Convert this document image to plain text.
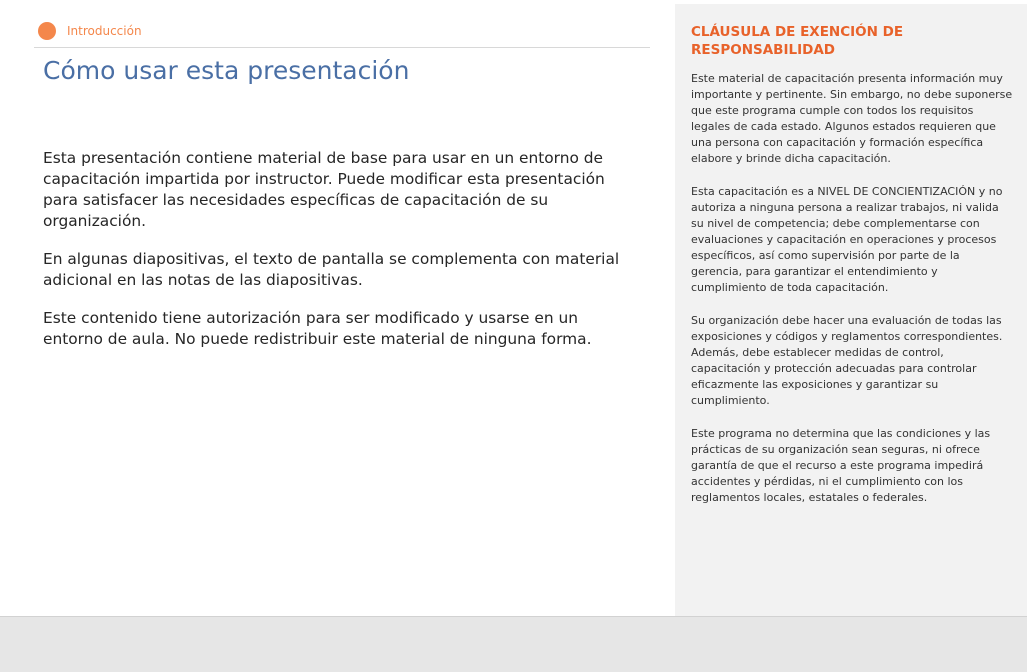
Introducción
Cómo usar esta presentación

Esta presentación contiene material de base para usar en un entorno de capacitación impartida por instructor. Puede modificar esta presentación para satisfacer las necesidades específicas de capacitación de su organización.

En algunas diapositivas, el texto de pantalla se complementa con material adicional en las notas de las diapositivas.

Este contenido tiene autorización para ser modificado y usarse en un entorno de aula. No puede redistribuir este material de ninguna forma.

CLÁUSULA DE EXENCIÓN DE RESPONSABILIDAD

Este material de capacitación presenta información muy importante y pertinente. Sin embargo, no debe suponerse que este programa cumple con todos los requisitos legales de cada estado. Algunos estados requieren que una persona con capacitación y formación específica elabore y brinde dicha capacitación.

Esta capacitación es a NIVEL DE CONCIENTIZACIÓN y no autoriza a ninguna persona a realizar trabajos, ni valida su nivel de competencia; debe complementarse con evaluaciones y capacitación en operaciones y procesos específicos, así como supervisión por parte de la gerencia, para garantizar el entendimiento y cumplimiento de toda capacitación.

Su organización debe hacer una evaluación de todas las exposiciones y códigos y reglamentos correspondientes. Además, debe establecer medidas de control, capacitación y protección adecuadas para controlar eficazmente las exposiciones y garantizar su cumplimiento.

Este programa no determina que las condiciones y las prácticas de su organización sean seguras, ni ofrece garantía de que el recurso a este programa impedirá accidentes y pérdidas, ni el cumplimiento con los reglamentos locales, estatales o federales.
